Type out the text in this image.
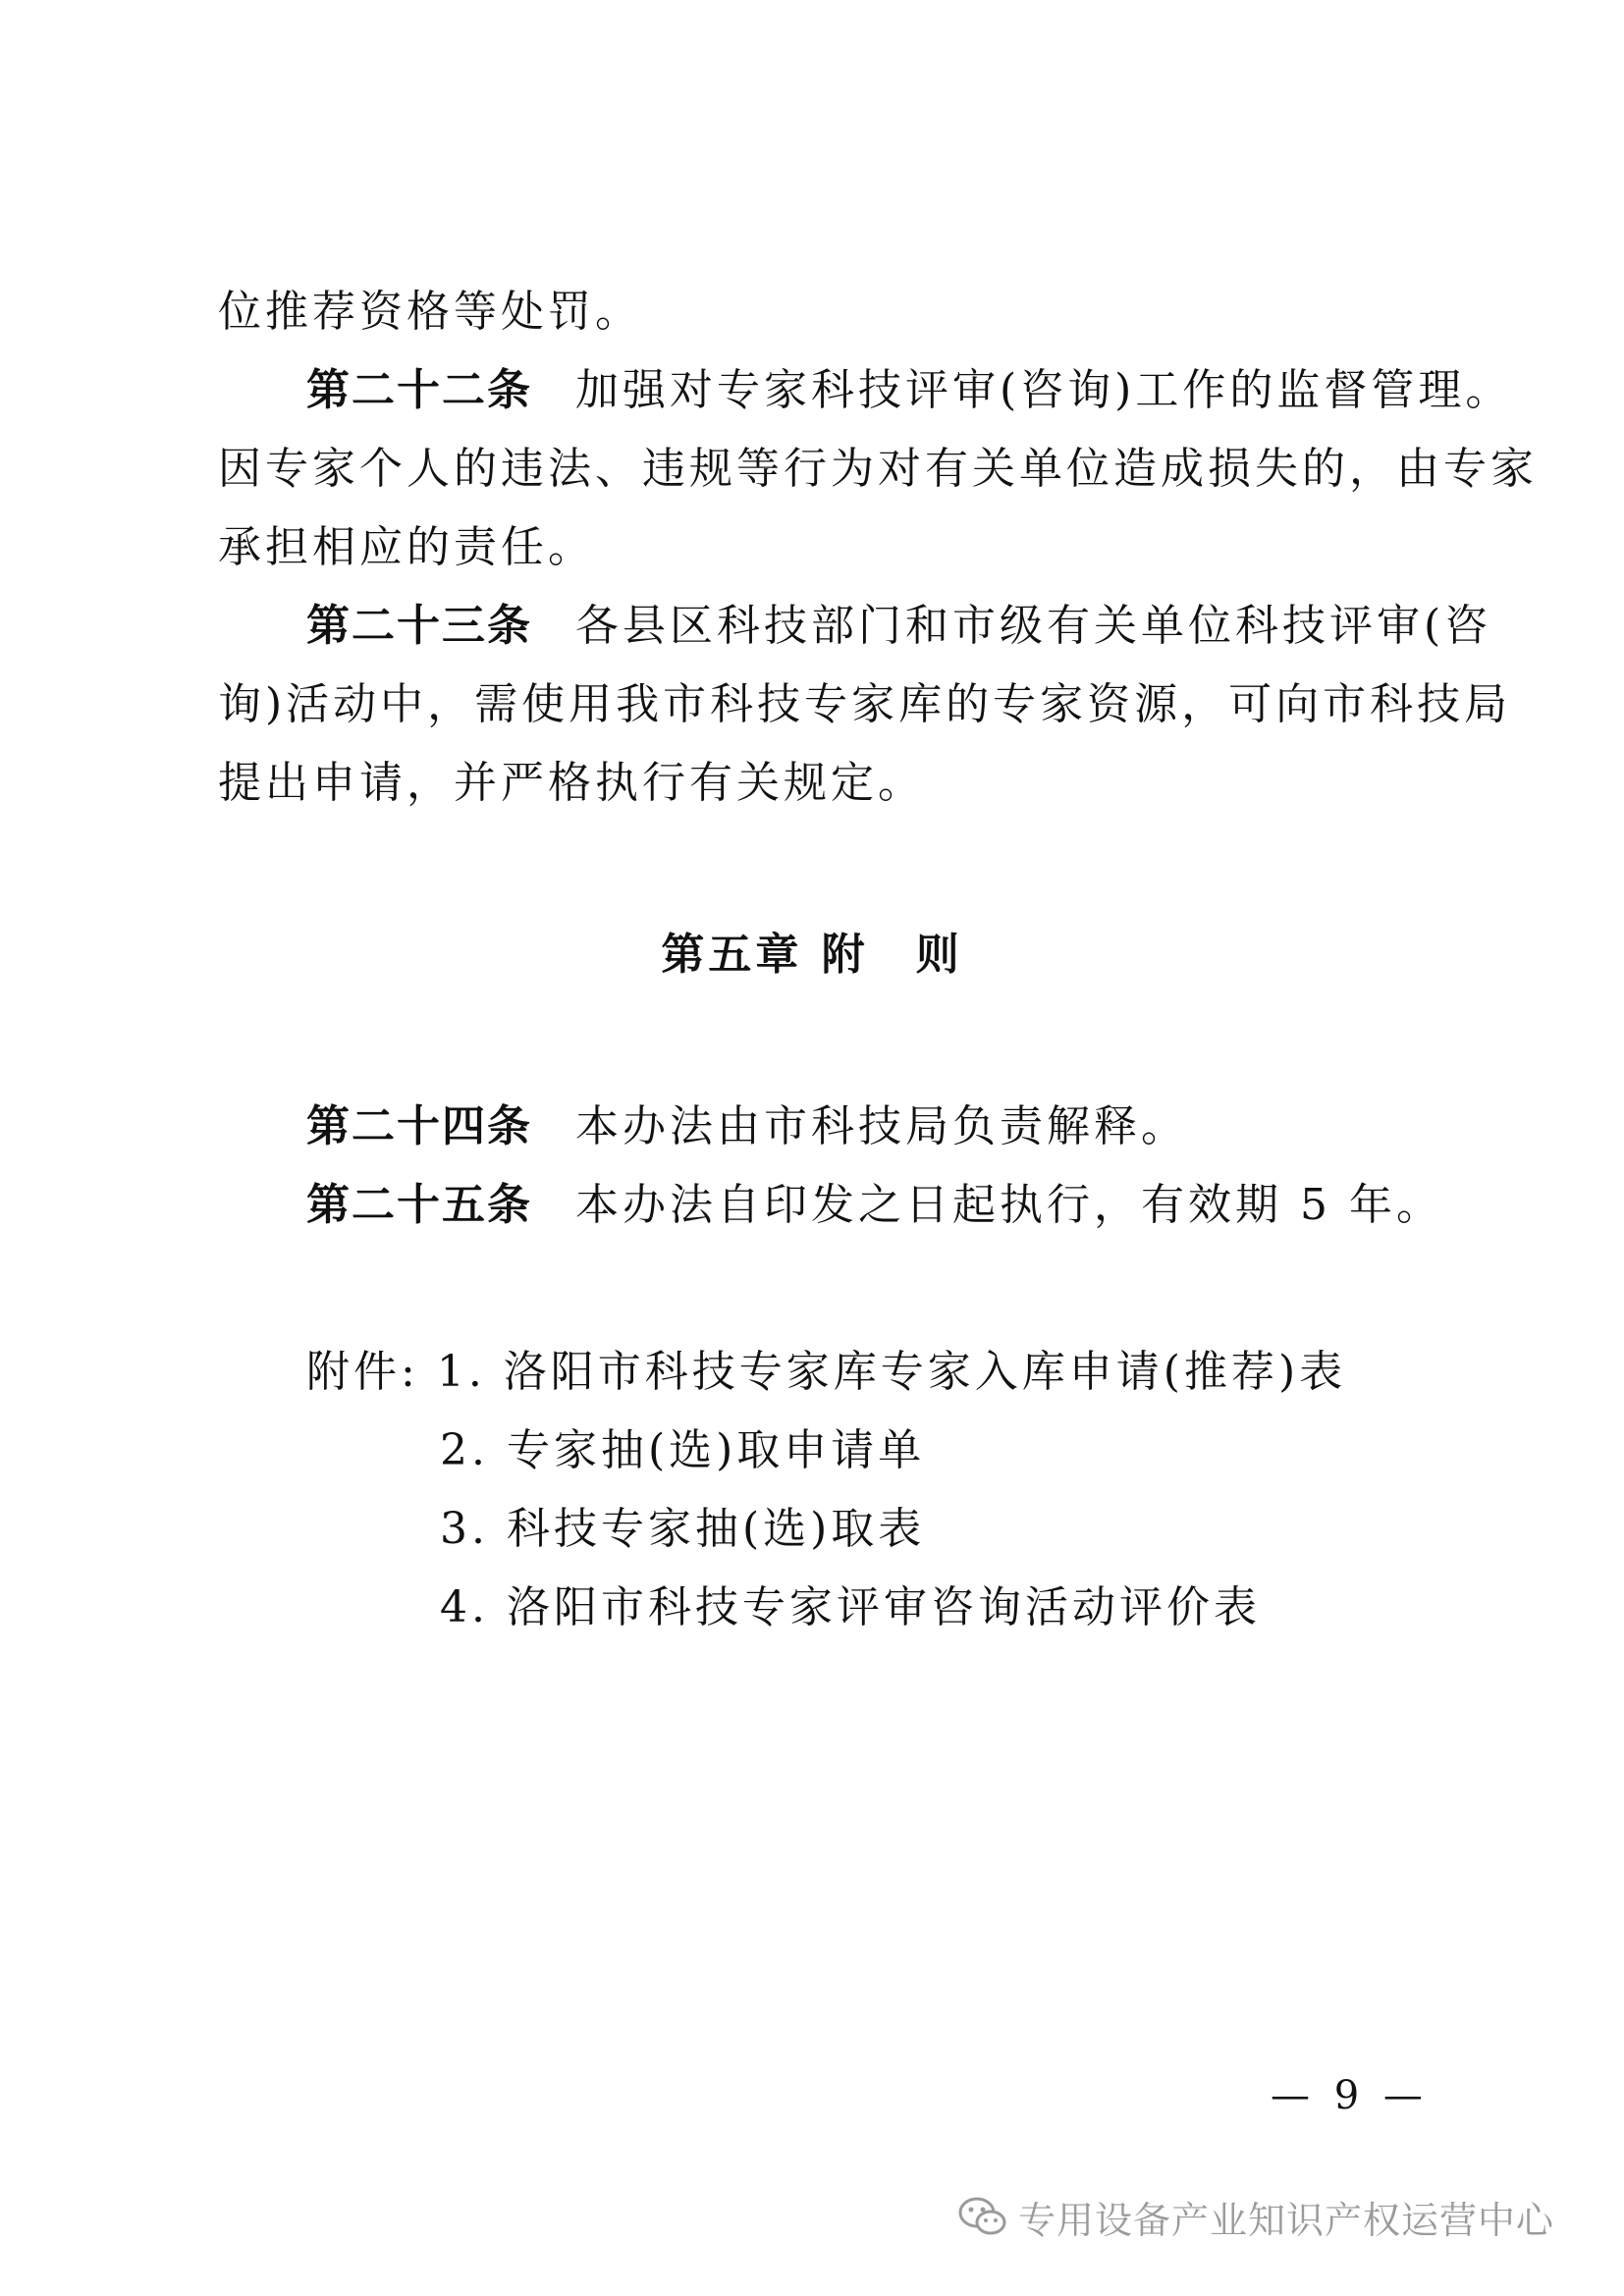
位推荐资格等处罚。
第二十二条 加强对专家科技评审(咨询)工作的监督管理。
因专家个人的违法、违规等行为对有关单位造成损失的，由专家
承担相应的责任。
第二十三条 各县区科技部门和市级有关单位科技评审(咨
询)活动中，需使用我市科技专家库的专家资源，可向市科技局
提出申请，并严格执行有关规定。
第五章 附　则
第二十四条 本办法由市科技局负责解释。
第二十五条 本办法自印发之日起执行，有效期 5 年。
附件: 1. 洛阳市科技专家库专家入库申请(推荐)表
2. 专家抽(选)取申请单
3. 科技专家抽(选)取表
4. 洛阳市科技专家评审咨询活动评价表
— 9 —
专用设备产业知识产权运营中心
